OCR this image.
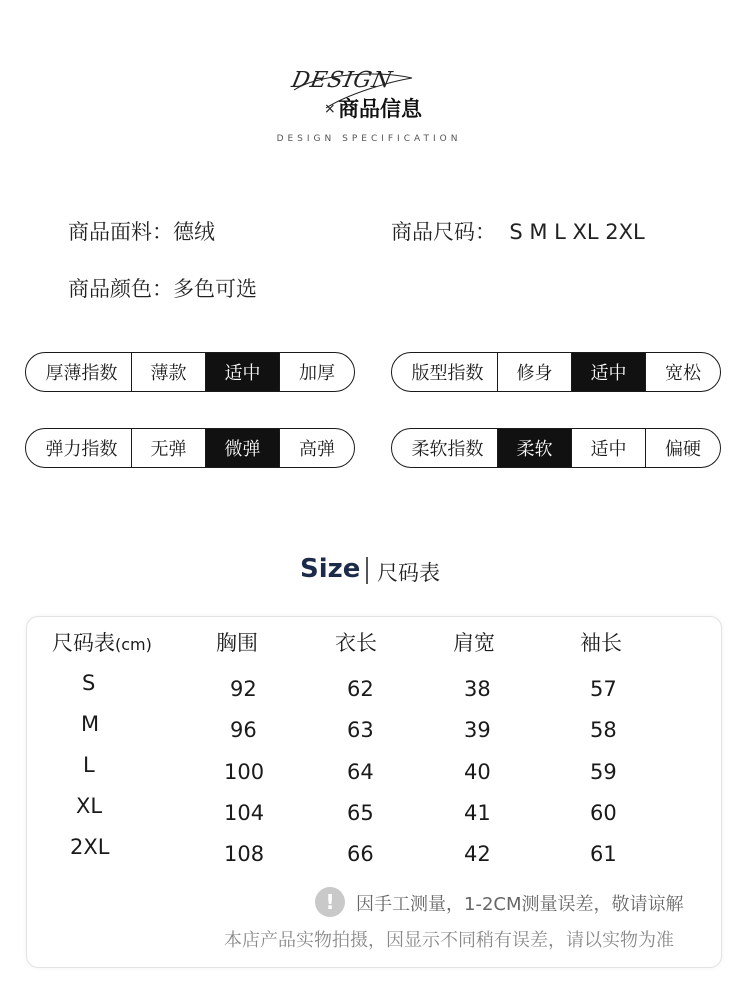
DESIGN
× 商品信息
DESIGN SPECIFICATION
商品面料：德绒	商品尺码：  S M L XL 2XL
商品颜色：多色可选
厚薄指数	薄款	适中	加厚	版型指数	修身	适中	宽松
弹力指数	无弹	微弹	高弹	柔软指数	柔软	适中	偏硬
Size 尺码表
尺码表(cm)	胸围	衣长	肩宽	袖长
S	92	62	38	57
M	96	63	39	58
L	100	64	40	59
XL	104	65	41	60
2XL	108	66	42	61
!	因手工测量，1-2CM测量误差，敬请谅解
本店产品实物拍摄，因显示不同稍有误差，请以实物为准
